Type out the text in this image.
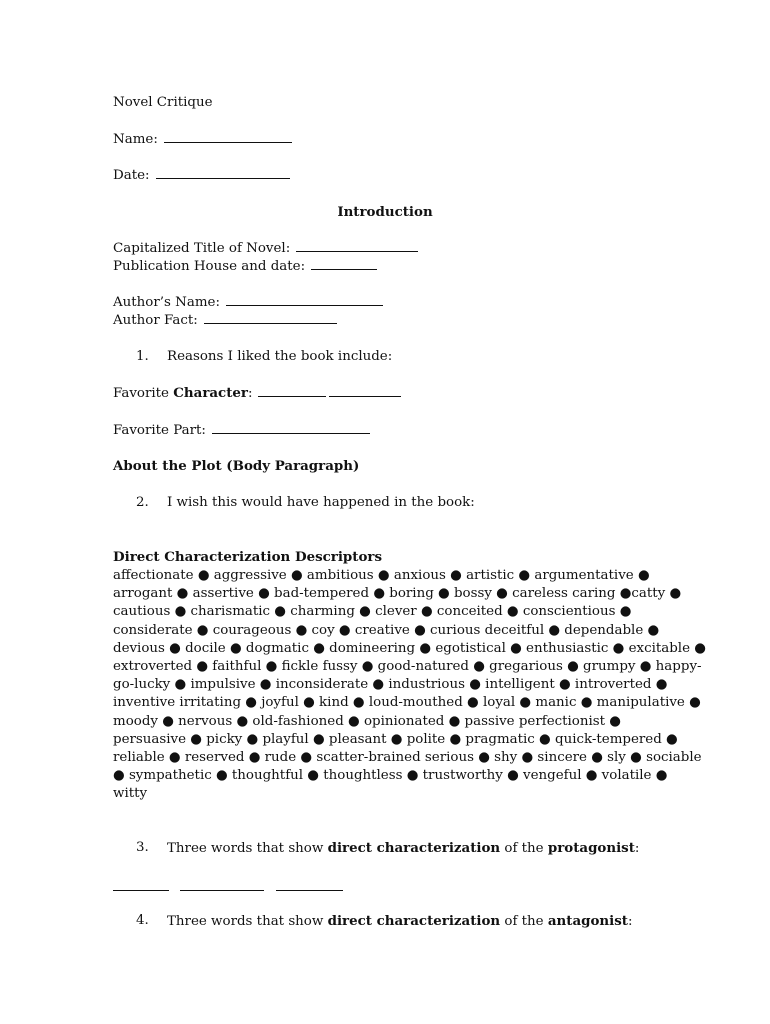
Novel Critique
Name:
Date:
Introduction
Capitalized Title of Novel:
Publication House and date:
Author’s Name:
Author Fact:
1. Reasons I liked the book include:
Favorite Character:
Favorite Part:
About the Plot (Body Paragraph)
2. I wish this would have happened in the book:
Direct Characterization Descriptors
affectionate ● aggressive ● ambitious ● anxious ● artistic ● argumentative ●
arrogant ● assertive ● bad-tempered ● boring ● bossy ● careless caring ●catty ●
cautious ● charismatic ● charming ● clever ● conceited ● conscientious ●
considerate ● courageous ● coy ● creative ● curious deceitful ● dependable ●
devious ● docile ● dogmatic ● domineering ● egotistical ● enthusiastic ● excitable ●
extroverted ● faithful ● fickle fussy ● good-natured ● gregarious ● grumpy ● happy-
go-lucky ● impulsive ● inconsiderate ● industrious ● intelligent ● introverted ●
inventive irritating ● joyful ● kind ● loud-mouthed ● loyal ● manic ● manipulative ●
moody ● nervous ● old-fashioned ● opinionated ● passive perfectionist ●
persuasive ● picky ● playful ● pleasant ● polite ● pragmatic ● quick-tempered ●
reliable ● reserved ● rude ● scatter-brained serious ● shy ● sincere ● sly ● sociable
● sympathetic ● thoughtful ● thoughtless ● trustworthy ● vengeful ● volatile ●
witty
3. Three words that show direct characterization of the protagonist:
4. Three words that show direct characterization of the antagonist:
